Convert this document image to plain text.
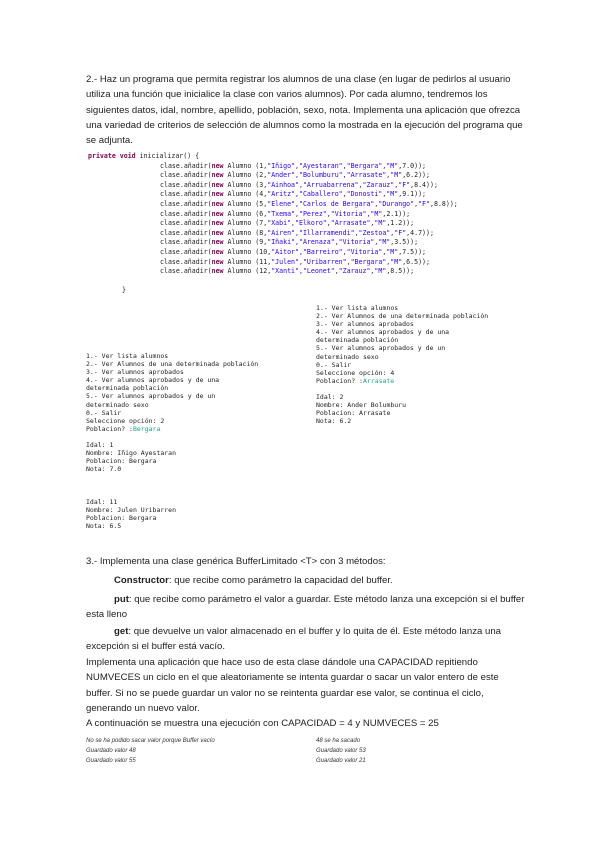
2.- Haz un programa que permita registrar los alumnos de una clase (en lugar de pedirlos al usuario utiliza una función que inicialice la clase con varios alumnos). Por cada alumno, tendremos los siguientes datos, idal, nombre, apellido, población, sexo, nota. Implementa una aplicación que ofrezca una variedad de criterios de selección de alumnos como la mostrada en la ejecución del programa que se adjunta.

private void inicializar() {
clase.añadir(new Alumno (1,"Iñigo","Ayestaran","Bergara","M",7.0));
clase.añadir(new Alumno (2,"Ander","Bolumburu","Arrasate","M",6.2));
clase.añadir(new Alumno (3,"Ainhoa","Arruabarrena","Zarauz","F",8.4));
clase.añadir(new Alumno (4,"Aritz","Caballero","Donosti","M",9.1));
clase.añadir(new Alumno (5,"Elene","Carlos de Bergara","Durango","F",8.8));
clase.añadir(new Alumno (6,"Txema","Perez","Vitoria","M",2.1));
clase.añadir(new Alumno (7,"Xabi","Elkoro","Arrasate","M",1.2));
clase.añadir(new Alumno (8,"Airen","Illarramendi","Zestoa","F",4.7));
clase.añadir(new Alumno (9,"Iñaki","Arenaza","Vitoria","M",3.5));
clase.añadir(new Alumno (10,"Aitor","Barreiro","Vitoria","M",7.5));
clase.añadir(new Alumno (11,"Julen","Uribarren","Bergara","M",6.5));
clase.añadir(new Alumno (12,"Xanti","Leonet","Zarauz","M",8.5));
}
1.- Ver lista alumnos
2.- Ver Alumnos de una determinada población
3.- Ver alumnos aprobados
4.- Ver alumnos aprobados y de una
determinada población
5.- Ver alumnos aprobados y de un
determinado sexo
0.- Salir
Seleccione opción: 4
Poblacion? :Arrasate
Idal: 2
Nombre: Ander Bolumburu
Poblacion: Arrasate
Nota: 6.2
1.- Ver lista alumnos
2.- Ver Alumnos de una determinada población
3.- Ver alumnos aprobados
4.- Ver alumnos aprobados y de una
determinada población
5.- Ver alumnos aprobados y de un
determinado sexo
0.- Salir
Seleccione opción: 2
Poblacion? :Bergara
Idal: 1
Nombre: Iñigo Ayestaran
Poblacion: Bergara
Nota: 7.0
Idal: 11
Nombre: Julen Uribarren
Poblacion: Bergara
Nota: 6.5

3.- Implementa una clase genérica BufferLimitado <T> con 3 métodos:

Constructor: que recibe como parámetro la capacidad del buffer.

put: que recibe como parámetro el valor a guardar. Este método lanza una excepción si el buffer esta lleno

get: que devuelve un valor almacenado en el buffer y lo quita de él. Este método lanza una excepción si el buffer está vacío.

Implementa una aplicación que hace uso de esta clase dándole una CAPACIDAD repitiendo NUMVECES un ciclo en el que aleatoriamente se intenta guardar o sacar un valor entero de este buffer. Si no se puede guardar un valor no se reintenta guardar ese valor, se continua el ciclo, generando un nuevo valor.

A continuación se muestra una ejecución con CAPACIDAD = 4 y NUMVECES = 25

No se ha podido sacar valor porque Buffer vacío
Guardado valor 48
Guardado valor 55
48 se ha sacado
Guardado valor 53
Guardado valor 21
